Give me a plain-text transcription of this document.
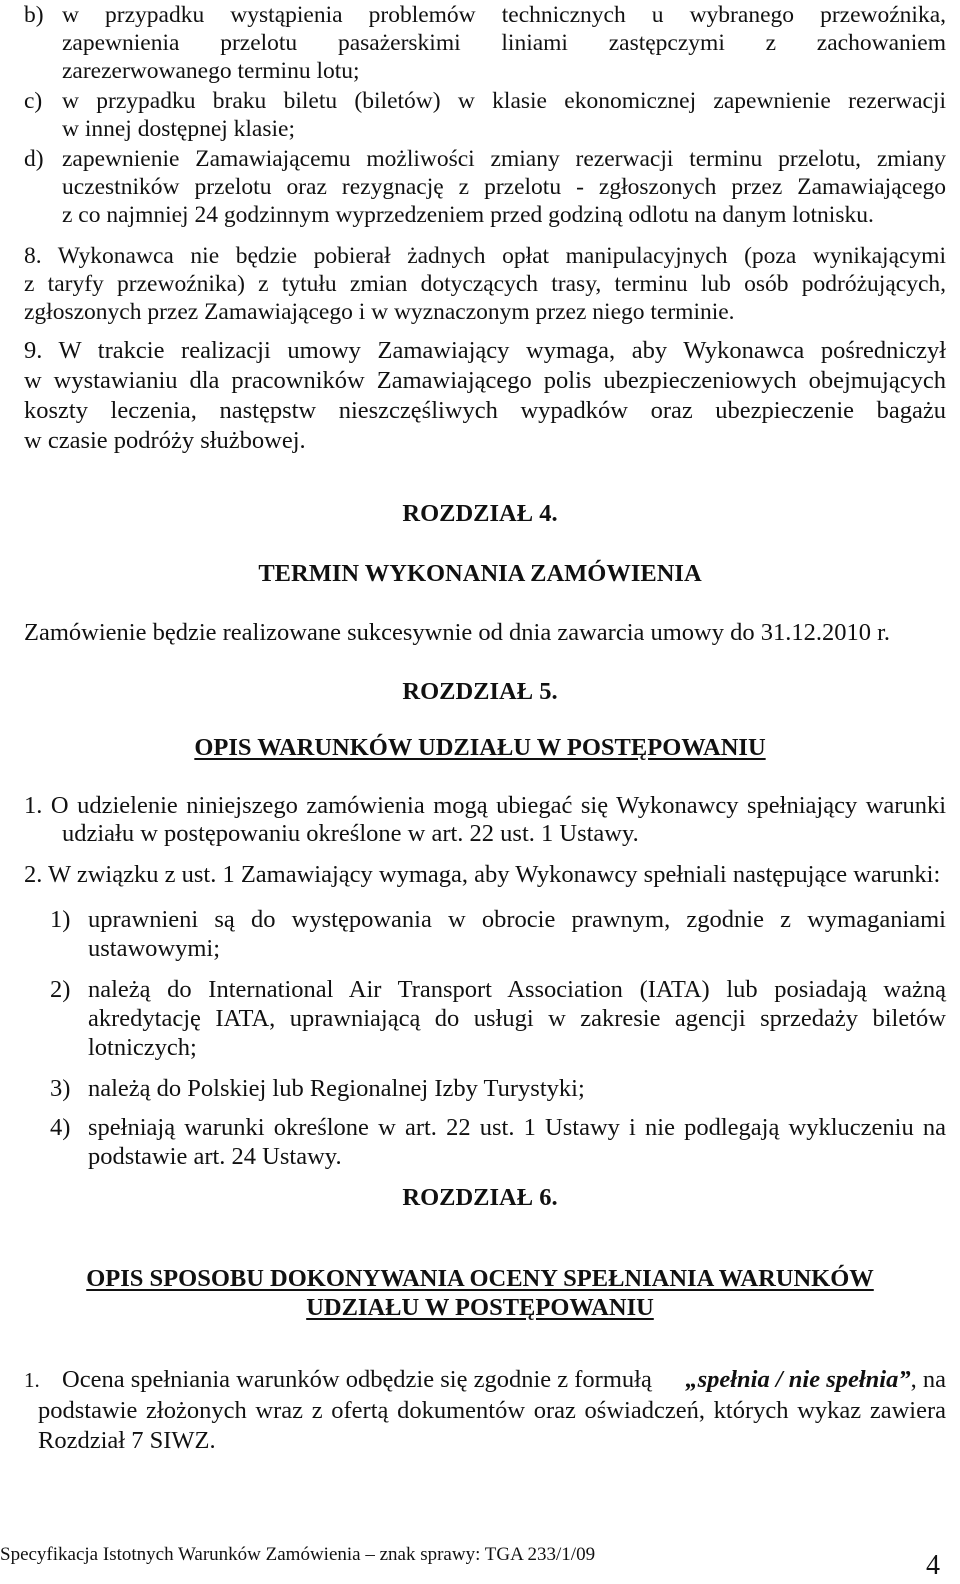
b) w przypadku wystąpienia problemów technicznych u wybranego przewoźnika,
zapewnienia przelotu pasażerskimi liniami zastępczymi z zachowaniem
zarezerwowanego terminu lotu;
c) w przypadku braku biletu (biletów) w klasie ekonomicznej zapewnienie rezerwacji
w innej dostępnej klasie;
d) zapewnienie Zamawiającemu możliwości zmiany rezerwacji terminu przelotu, zmiany
uczestników przelotu oraz rezygnację z przelotu - zgłoszonych przez Zamawiającego
z co najmniej 24 godzinnym wyprzedzeniem przed godziną odlotu na danym lotnisku.
8. Wykonawca nie będzie pobierał żadnych opłat manipulacyjnych (poza wynikającymi
z taryfy przewoźnika) z tytułu zmian dotyczących trasy, terminu lub osób podróżujących,
zgłoszonych przez Zamawiającego i w wyznaczonym przez niego terminie.
9. W trakcie realizacji umowy Zamawiający wymaga, aby Wykonawca pośredniczył
w wystawianiu dla pracowników Zamawiającego polis ubezpieczeniowych obejmujących
koszty leczenia, następstw nieszczęśliwych wypadków oraz ubezpieczenie bagażu
w czasie podróży służbowej.
ROZDZIAŁ 4.
TERMIN WYKONANIA ZAMÓWIENIA
Zamówienie będzie realizowane sukcesywnie od dnia zawarcia umowy do 31.12.2010 r.
ROZDZIAŁ 5.
OPIS WARUNKÓW UDZIAŁU W POSTĘPOWANIU
1. O udzielenie niniejszego zamówienia mogą ubiegać się Wykonawcy spełniający warunki
udziału w postępowaniu określone w art. 22 ust. 1 Ustawy.
2. W związku z ust. 1 Zamawiający wymaga, aby Wykonawcy spełniali następujące warunki:
1) uprawnieni są do występowania w obrocie prawnym, zgodnie z wymaganiami
ustawowymi;
2) należą do International Air Transport Association (IATA) lub posiadają ważną
akredytację IATA, uprawniającą do usługi w zakresie agencji sprzedaży biletów
lotniczych;
3) należą do Polskiej lub Regionalnej Izby Turystyki;
4) spełniają warunki określone w art. 22 ust. 1 Ustawy i nie podlegają wykluczeniu na
podstawie art. 24 Ustawy.
ROZDZIAŁ 6.
OPIS SPOSOBU DOKONYWANIA OCENY SPEŁNIANIA WARUNKÓW
UDZIAŁU W POSTĘPOWANIU
1. Ocena spełniania warunków odbędzie się zgodnie z formułą „spełnia / nie spełnia”, na
podstawie złożonych wraz z ofertą dokumentów oraz oświadczeń, których wykaz zawiera
Rozdział 7 SIWZ.
Specyfikacja Istotnych Warunków Zamówienia – znak sprawy: TGA 233/1/09	4
